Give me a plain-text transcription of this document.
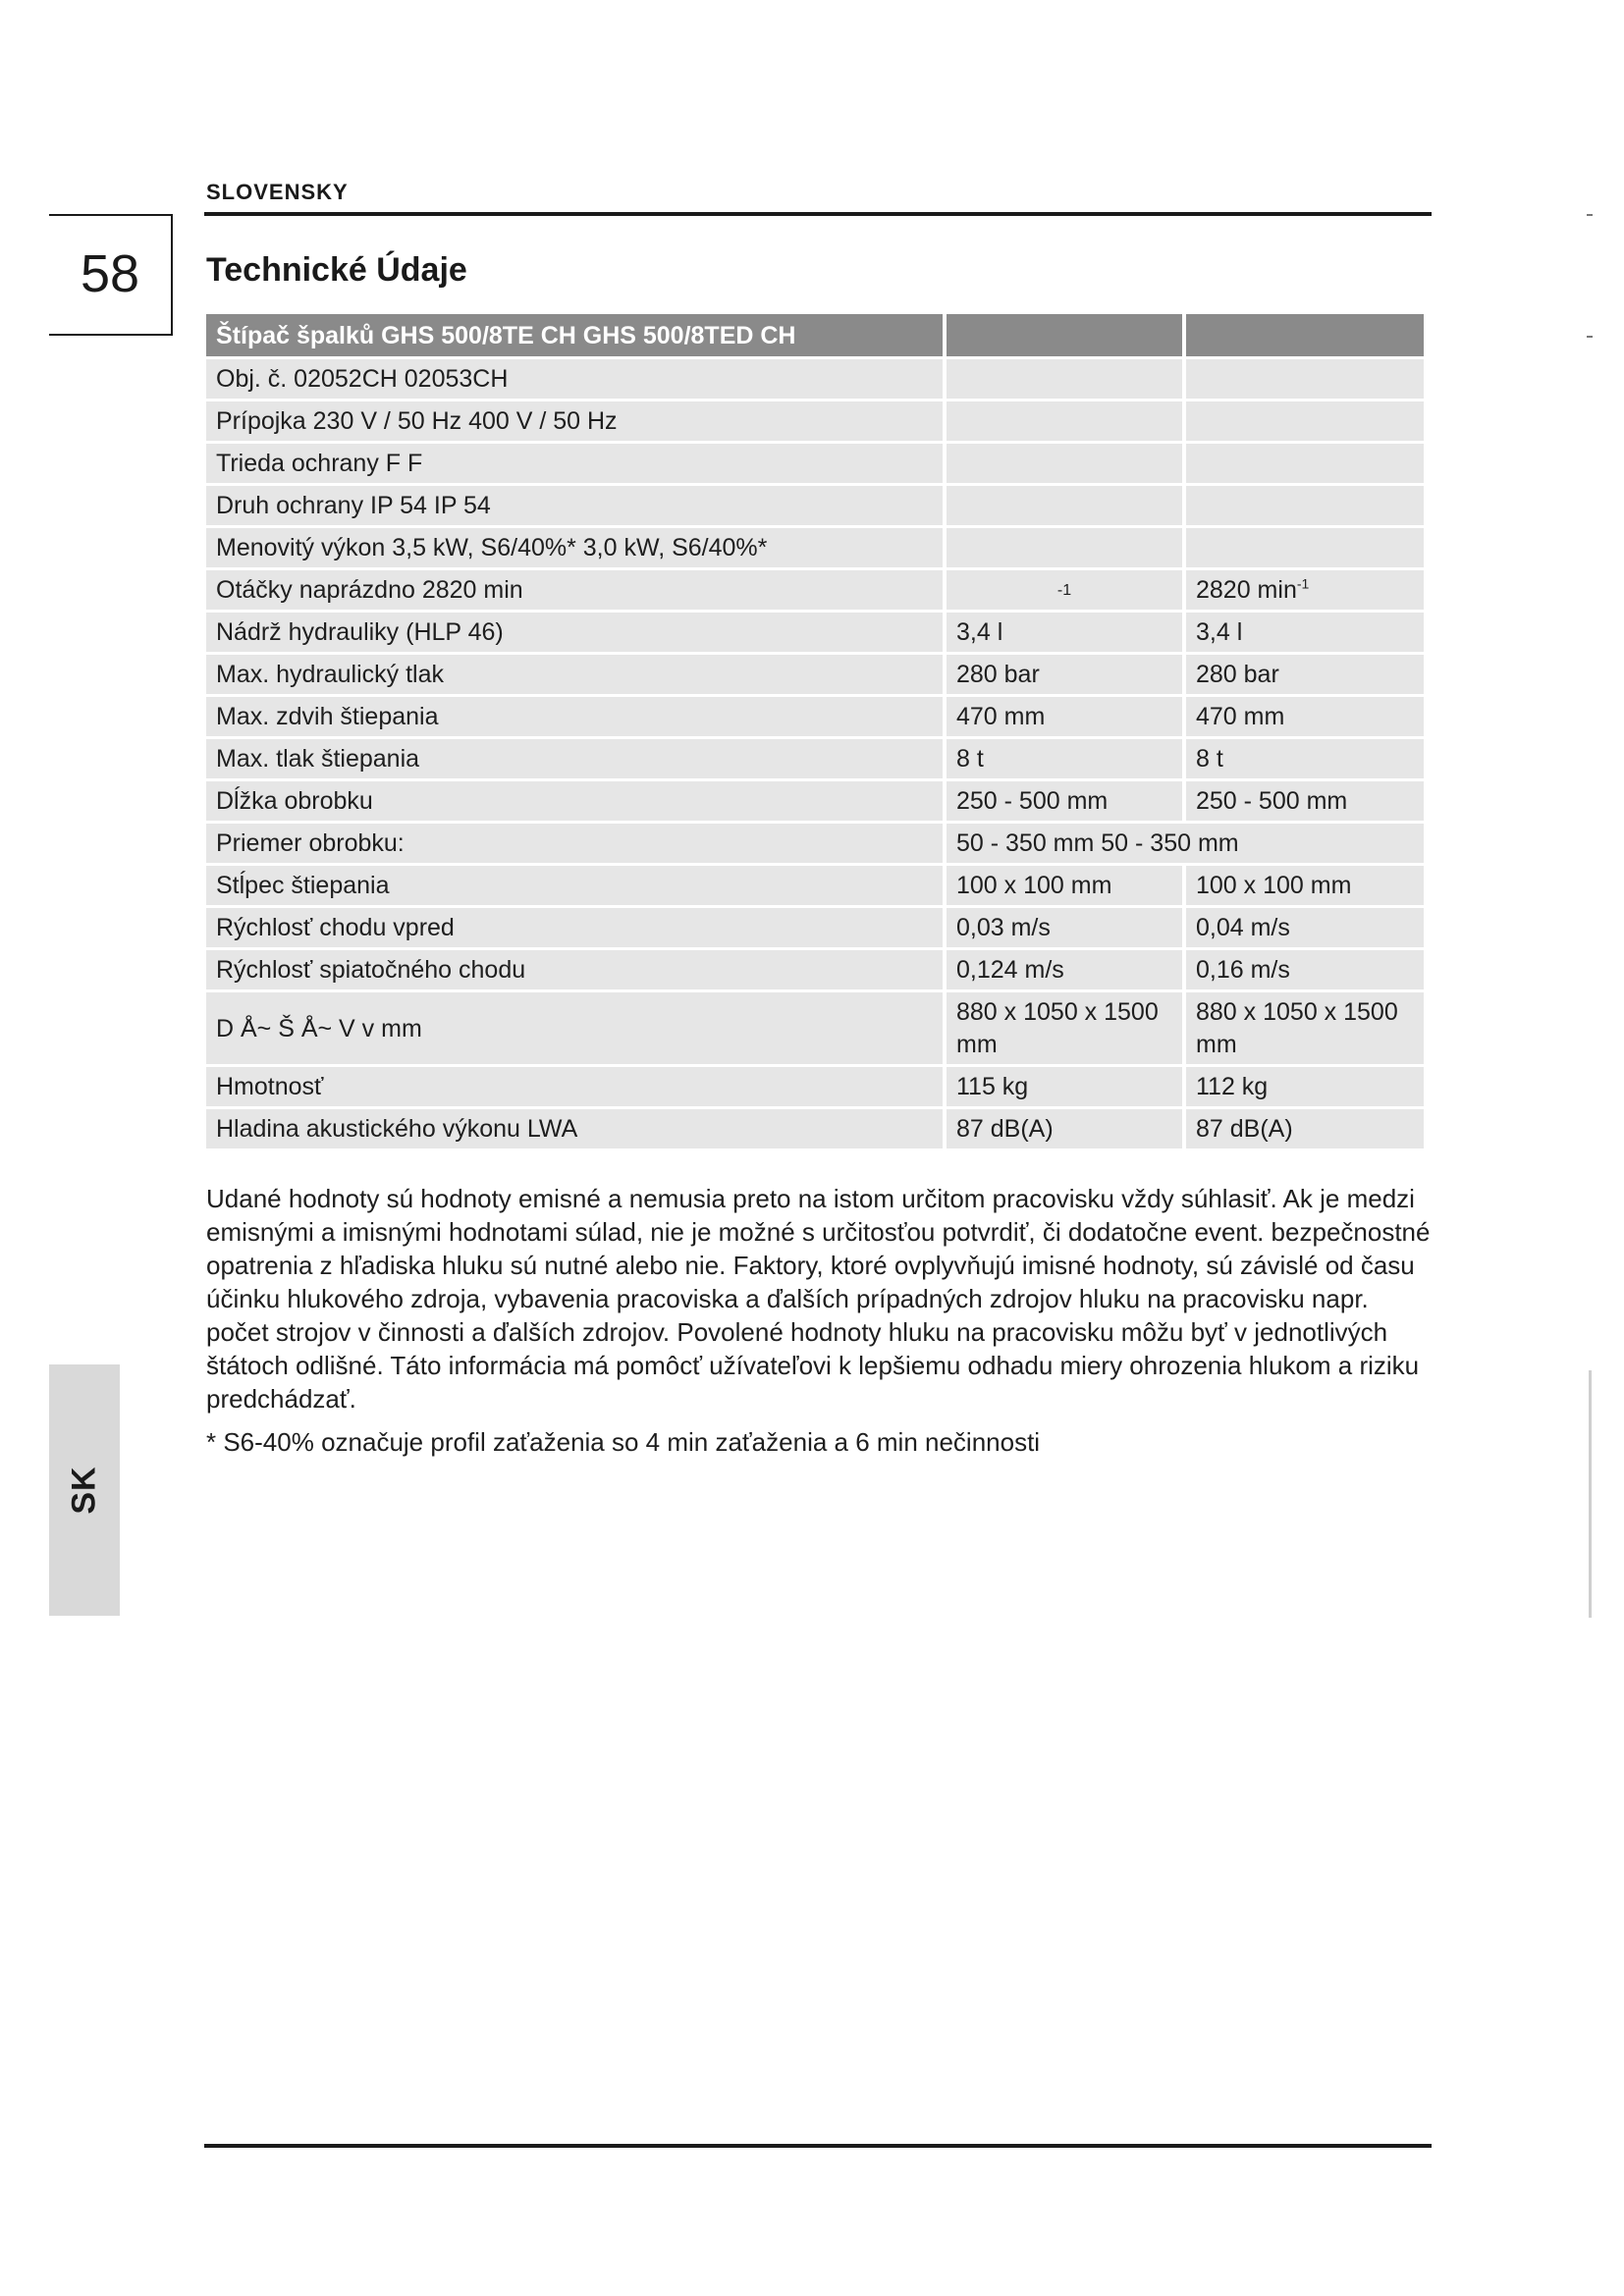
SLOVENSKY
58	Technické Údaje
Štípač špalků GHS 500/8TE CH GHS 500/8TED CH		
Obj. č. 02052CH 02053CH		
Prípojka 230 V / 50 Hz 400 V / 50 Hz		
Trieda ochrany F F		
Druh ochrany IP 54 IP 54		
Menovitý výkon 3,5 kW, S6/40%* 3,0 kW, S6/40%*		
Otáčky naprázdno 2820 min	-1	2820 $\min^{-1}$
Nádrž hydrauliky (HLP 46)	3,4 l	3,4 l
Max. hydraulický tlak	280 bar	280 bar
Max. zdvih štiepania	470 mm	470 mm
Max. tlak štiepania	8 t	8 t
Dĺžka obrobku	250 - 500 mm	250 - 500 mm
Priemer obrobku:	50 - 350 mm 50 - 350 mm	
Stĺpec štiepania	100 x 100 mm	100 x 100 mm
Rýchlosť chodu vpred	0,03 m/s	0,04 m/s
Rýchlosť spiatočného chodu	0,124 m/s	0,16 m/s
D Å~ Š Å~ V v mm	880 x 1050 x 1500 mm	880 x 1050 x 1500 mm
Hmotnosť	115 kg	112 kg
Hladina akustického výkonu LWA	87 dB(A)	87 dB(A)

Udané hodnoty sú hodnoty emisné a nemusia preto na istom určitom pracovisku vždy súhlasiť. Ak je medzi emisnými a imisnými hodnotami súlad, nie je možné s určitosťou potvrdiť, či dodatočne event. bezpečnostné opatrenia z hľadiska hluku sú nutné alebo nie. Faktory, ktoré ovplyvňujú imisné hodnoty, sú závislé od času účinku hlukového zdroja, vybavenia pracoviska a ďalších prípadných zdrojov hluku na pracovisku napr. počet strojov v činnosti a ďalších zdrojov. Povolené hodnoty hluku na pracovisku môžu byť v jednotlivých štátoch odlišné. Táto informácia má pomôcť užívateľovi k lepšiemu odhadu miery ohrozenia hlukom a riziku predchádzať.

* S6-40% označuje profil zaťaženia so 4 min zaťaženia a 6 min nečinnosti

SK
